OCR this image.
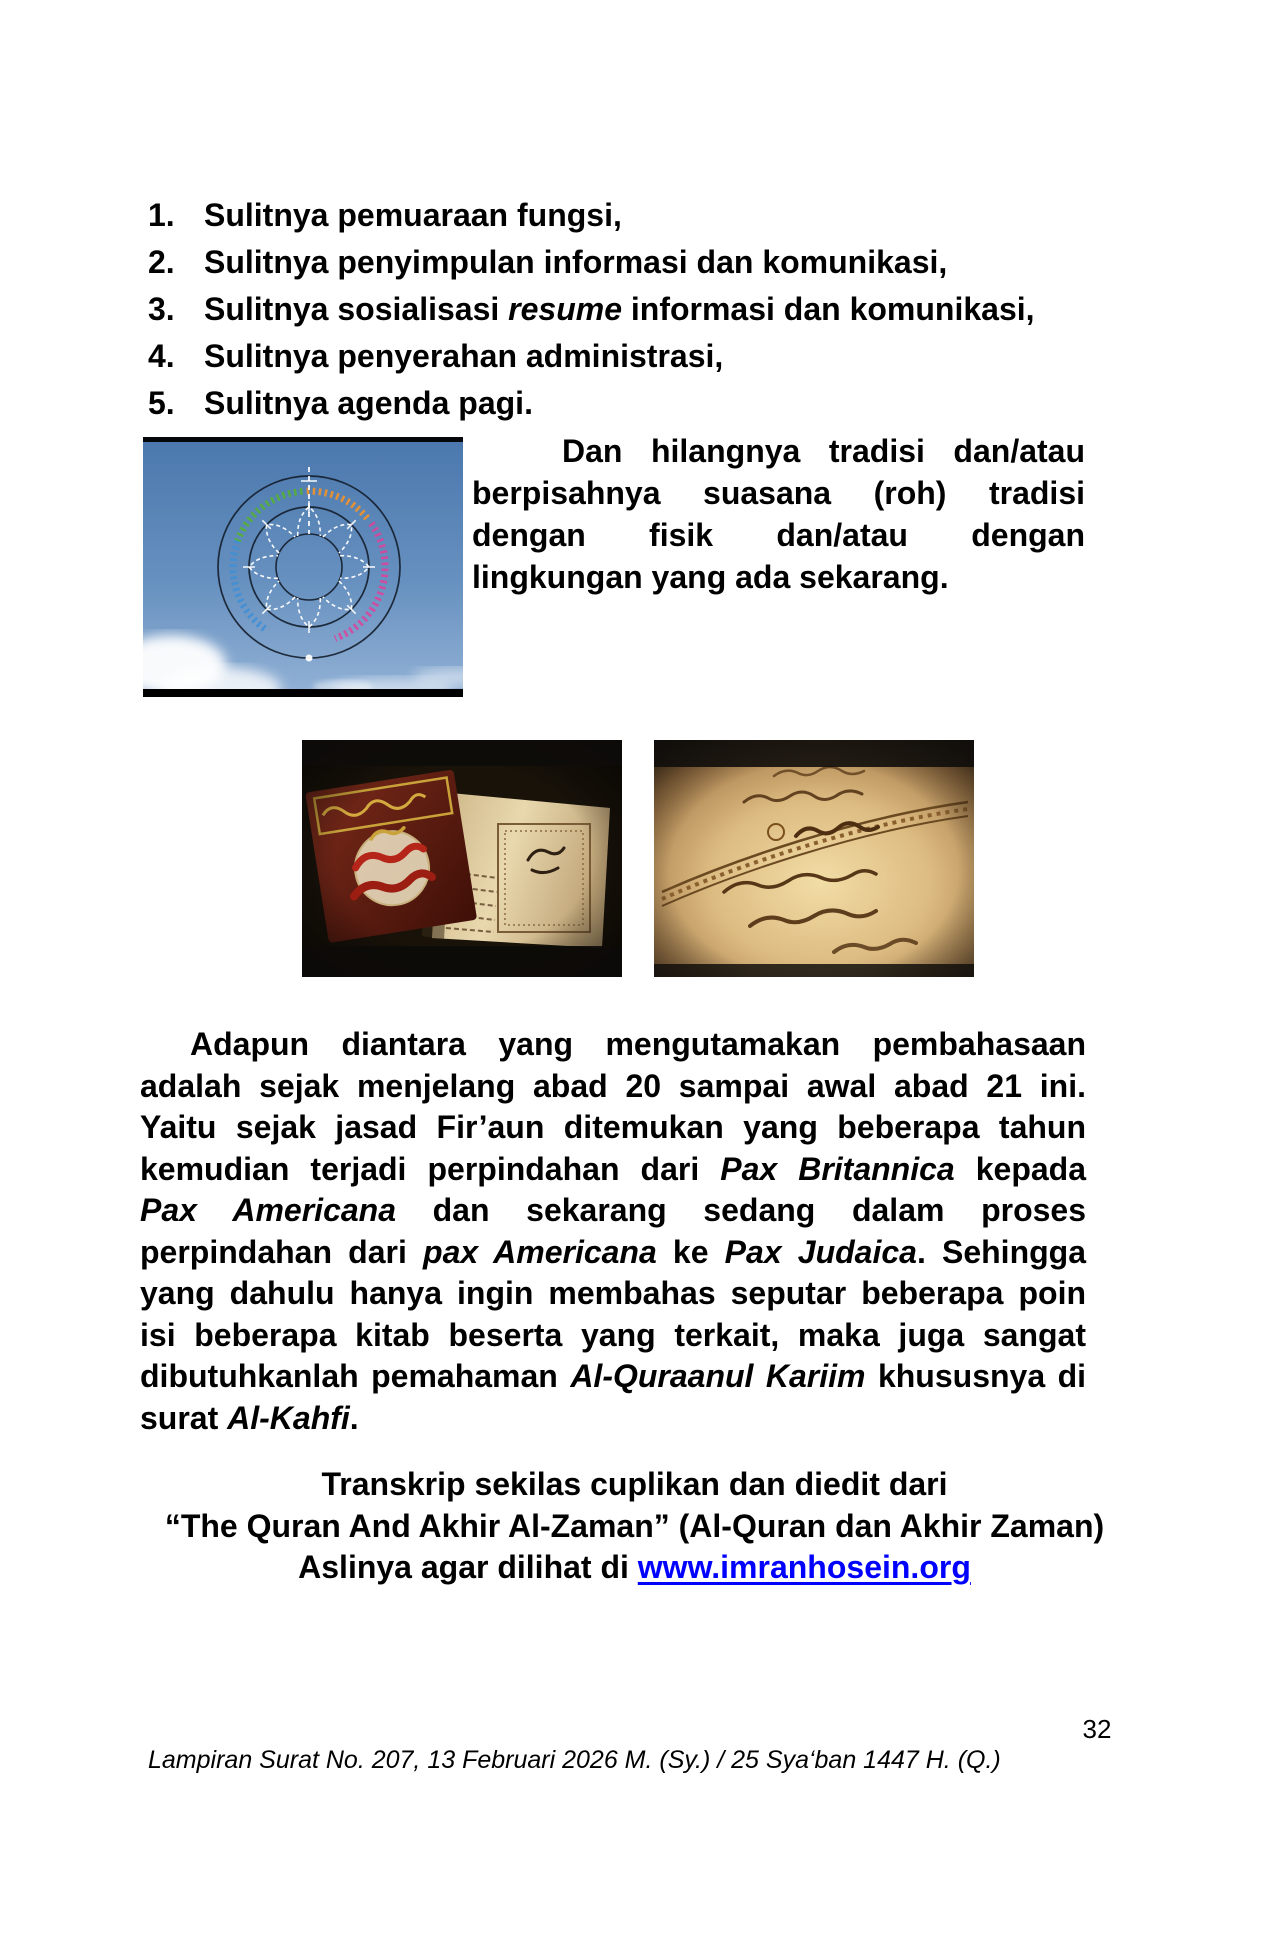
1. Sulitnya pemuaraan fungsi,
2. Sulitnya penyimpulan informasi dan komunikasi,
3. Sulitnya sosialisasi resume informasi dan komunikasi,
4. Sulitnya penyerahan administrasi,
5. Sulitnya agenda pagi.
Dan hilangnya tradisi dan/atau
berpisahnya suasana (roh) tradisi
dengan fisik dan/atau dengan
lingkungan yang ada sekarang.
Adapun diantara yang mengutamakan pembahasaan
adalah sejak menjelang abad 20 sampai awal abad 21 ini.
Yaitu sejak jasad Fir’aun ditemukan yang beberapa tahun
kemudian terjadi perpindahan dari Pax Britannica kepada
Pax Americana dan sekarang sedang dalam proses
perpindahan dari pax Americana ke Pax Judaica. Sehingga
yang dahulu hanya ingin membahas seputar beberapa poin
isi beberapa kitab beserta yang terkait, maka juga sangat
dibutuhkanlah pemahaman Al-Quraanul Kariim khususnya di
surat Al-Kahfi.
Transkrip sekilas cuplikan dan diedit dari
“The Quran And Akhir Al-Zaman” (Al-Quran dan Akhir Zaman)
Aslinya agar dilihat di www.imranhosein.org
32
Lampiran Surat No. 207, 13 Februari 2026 M. (Sy.) / 25 Sya‘ban 1447 H. (Q.)
